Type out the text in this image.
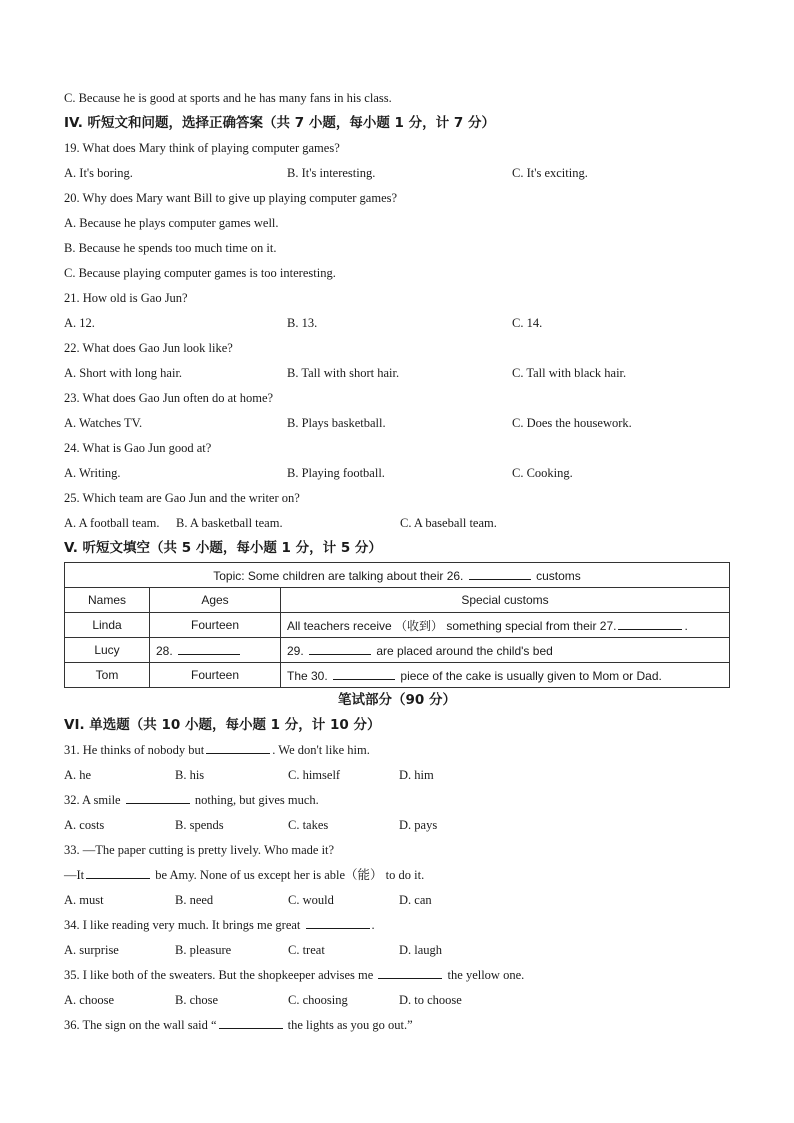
C. Because he is good at sports and he has many fans in his class.
IV. 听短文和问题，选择正确答案（共 7 小题，每小题 1 分，计 7 分）
19. What does Mary think of playing computer games?
A. It's boring.	B. It's interesting.	C. It's exciting.
20. Why does Mary want Bill to give up playing computer games?
A. Because he plays computer games well.
B. Because he spends too much time on it.
C. Because playing computer games is too interesting.
21. How old is Gao Jun?
A. 12.	B. 13.	C. 14.
22. What does Gao Jun look like?
A. Short with long hair.	B. Tall with short hair.	C. Tall with black hair.
23. What does Gao Jun often do at home?
A. Watches TV.	B. Plays basketball.	C. Does the housework.
24. What is Gao Jun good at?
A. Writing.	B. Playing football.	C. Cooking.
25. Which team are Gao Jun and the writer on?
A. A football team. B. A basketball team.	C. A baseball team.
V. 听短文填空（共 5 小题，每小题 1 分，计 5 分）
Topic: Some children are talking about their 26. customs		
Names	Ages	Special customs
Linda	Fourteen	All teachers receive （收到） something special from their 27. .
Lucy	28.	29. are placed around the child's bed
Tom	Fourteen	The 30. piece of the cake is usually given to Mom or Dad.
笔试部分（90 分）
VI. 单选题（共 10 小题，每小题 1 分，计 10 分）
31. He thinks of nobody but	. We don't like him.
A. he	B. his	C. himself	D. him
32. A smile	nothing, but gives much.
A. costs	B. spends	C. takes	D. pays
33. —The paper cutting is pretty lively. Who made it?
—It	be Amy. None of us except her is able（能） to do it.
A. must	B. need	C. would	D. can
34. I like reading very much. It brings me great	.
A. surprise	B. pleasure	C. treat	D. laugh
35. I like both of the sweaters. But the shopkeeper advises me	the yellow one.
A. choose	B. chose	C. choosing	D. to choose
36. The sign on the wall said “	the lights as you go out.”
